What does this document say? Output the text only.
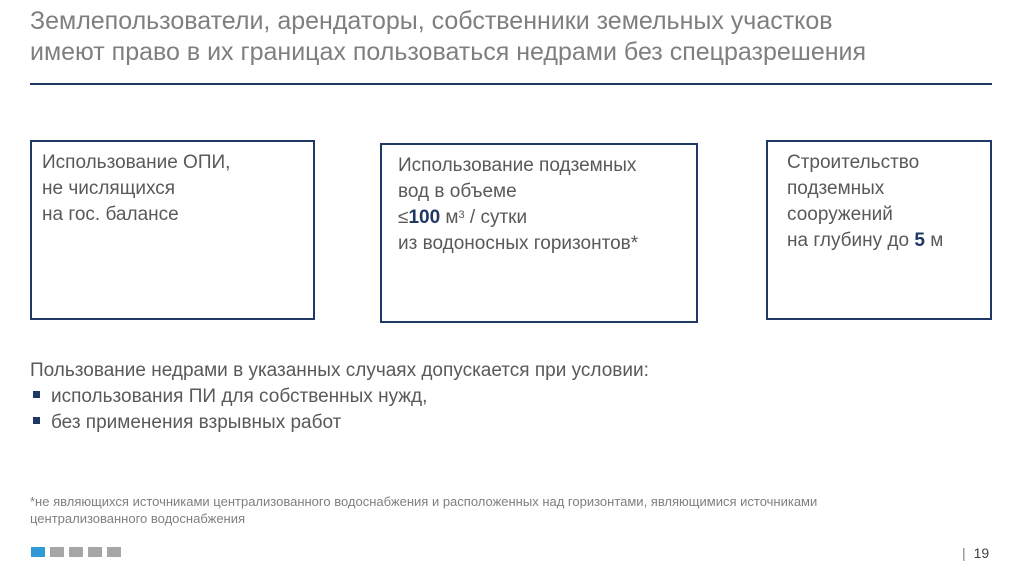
Землепользователи, арендаторы, собственники земельных участков
имеют право в их границах пользоваться недрами без спецразрешения
Использование ОПИ,
не числящихся
на гос. балансе
Использование подземных
вод в объеме
≤100 $м^3$ / сутки
из водоносных горизонтов*
Строительство
подземных
сооружений
на глубину до 5 м
Пользование недрами в указанных случаях допускается при условии:
использования ПИ для собственных нужд,
без применения взрывных работ
*не являющихся источниками централизованного водоснабжения и расположенных над горизонтами, являющимися источниками
централизованного водоснабжения
| 19
